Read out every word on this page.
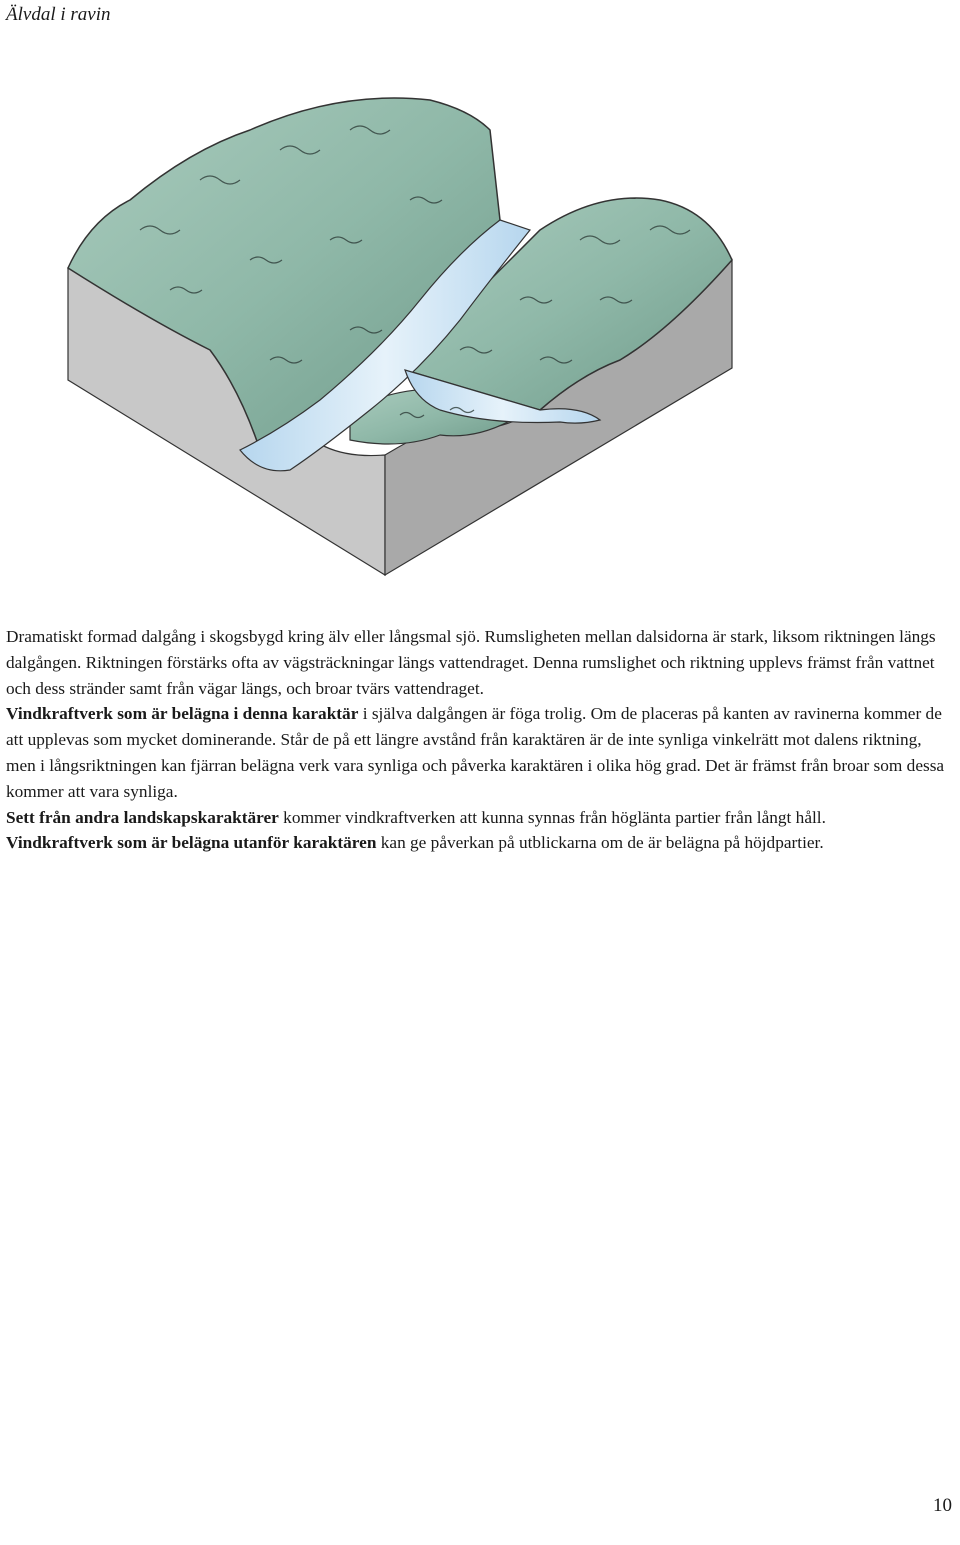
Älvdal i ravin

Dramatiskt formad dalgång i skogsbygd kring älv eller långsmal sjö. Rumsligheten mellan dalsidorna är stark, liksom riktningen längs dalgången. Riktningen förstärks ofta av vägsträckningar längs vattendraget. Denna rumslighet och riktning upplevs främst från vattnet och dess stränder samt från vägar längs, och broar tvärs vattendraget.

Vindkraftverk som är belägna i denna karaktär i själva dalgången är föga trolig. Om de placeras på kanten av ravinerna kommer de att upplevas som mycket dominerande. Står de på ett längre avstånd från karaktären är de inte synliga vinkelrätt mot dalens riktning, men i långsriktningen kan fjärran belägna verk vara synliga och påverka karaktären i olika hög grad. Det är främst från broar som dessa kommer att vara synliga.

Sett från andra landskapskaraktärer kommer vindkraftverken att kunna synnas från höglänta partier från långt håll.

Vindkraftverk som är belägna utanför karaktären kan ge påverkan på utblickarna om de är belägna på höjdpartier.

10
